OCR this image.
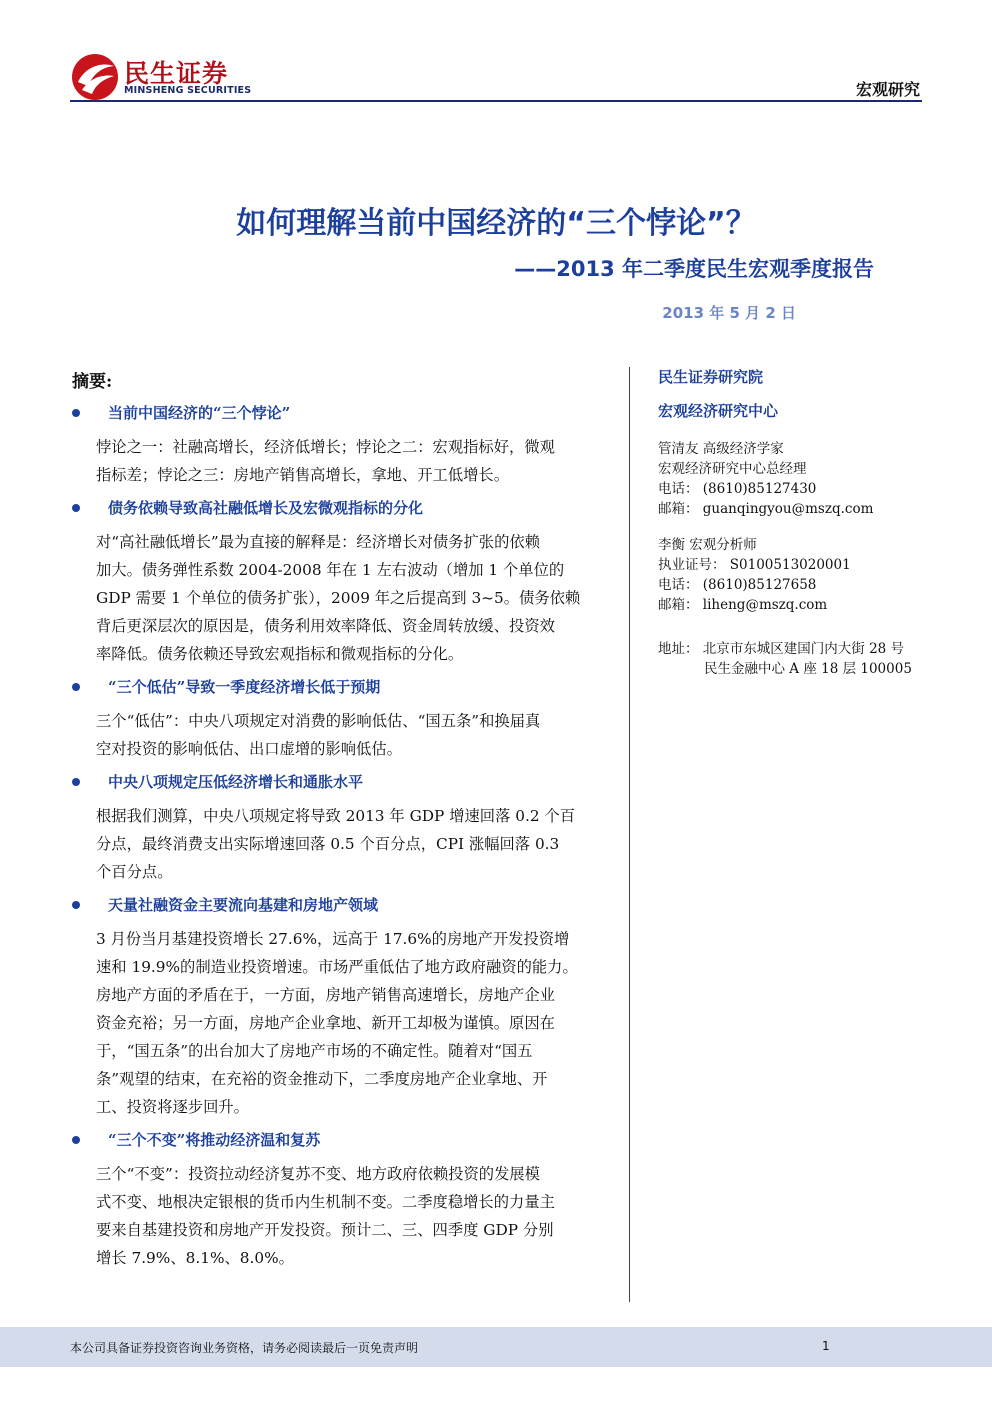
民生证券
MINSHENG SECURITIES	宏观研究
如何理解当前中国经济的“三个悖论”？
——2013 年二季度民生宏观季度报告
2013 年 5 月 2 日
摘要:
当前中国经济的“三个悖论”
悖论之一：社融高增长，经济低增长；悖论之二：宏观指标好，微观
指标差；悖论之三：房地产销售高增长，拿地、开工低增长。
债务依赖导致高社融低增长及宏微观指标的分化
对“高社融低增长”最为直接的解释是：经济增长对债务扩张的依赖
加大。债务弹性系数 2004-2008 年在 1 左右波动（增加 1 个单位的
GDP 需要 1 个单位的债务扩张），2009 年之后提高到 3~5。债务依赖
背后更深层次的原因是，债务利用效率降低、资金周转放缓、投资效
率降低。债务依赖还导致宏观指标和微观指标的分化。
“三个低估”导致一季度经济增长低于预期
三个“低估”：中央八项规定对消费的影响低估、“国五条”和换届真
空对投资的影响低估、出口虚增的影响低估。
中央八项规定压低经济增长和通胀水平
根据我们测算，中央八项规定将导致 2013 年 GDP 增速回落 0.2 个百
分点，最终消费支出实际增速回落 0.5 个百分点，CPI 涨幅回落 0.3
个百分点。
天量社融资金主要流向基建和房地产领域
3 月份当月基建投资增长 27.6%，远高于 17.6%的房地产开发投资增
速和 19.9%的制造业投资增速。市场严重低估了地方政府融资的能力。
房地产方面的矛盾在于，一方面，房地产销售高速增长，房地产企业
资金充裕；另一方面，房地产企业拿地、新开工却极为谨慎。原因在
于，“国五条”的出台加大了房地产市场的不确定性。随着对“国五
条”观望的结束，在充裕的资金推动下，二季度房地产企业拿地、开
工、投资将逐步回升。
“三个不变”将推动经济温和复苏
三个“不变”：投资拉动经济复苏不变、地方政府依赖投资的发展模
式不变、地根决定银根的货币内生机制不变。二季度稳增长的力量主
要来自基建投资和房地产开发投资。预计二、三、四季度 GDP 分别
增长 7.9%、8.1%、8.0%。
民生证券研究院
宏观经济研究中心
管清友 高级经济学家
宏观经济研究中心总经理
电话： (8610)85127430
邮箱： guanqingyou@mszq.com
李衡 宏观分析师
执业证号： S0100513020001
电话： (8610)85127658
邮箱： liheng@mszq.com
地址： 北京市东城区建国门内大街 28 号
民生金融中心 A 座 18 层 100005
本公司具备证券投资咨询业务资格，请务必阅读最后一页免责声明	1
